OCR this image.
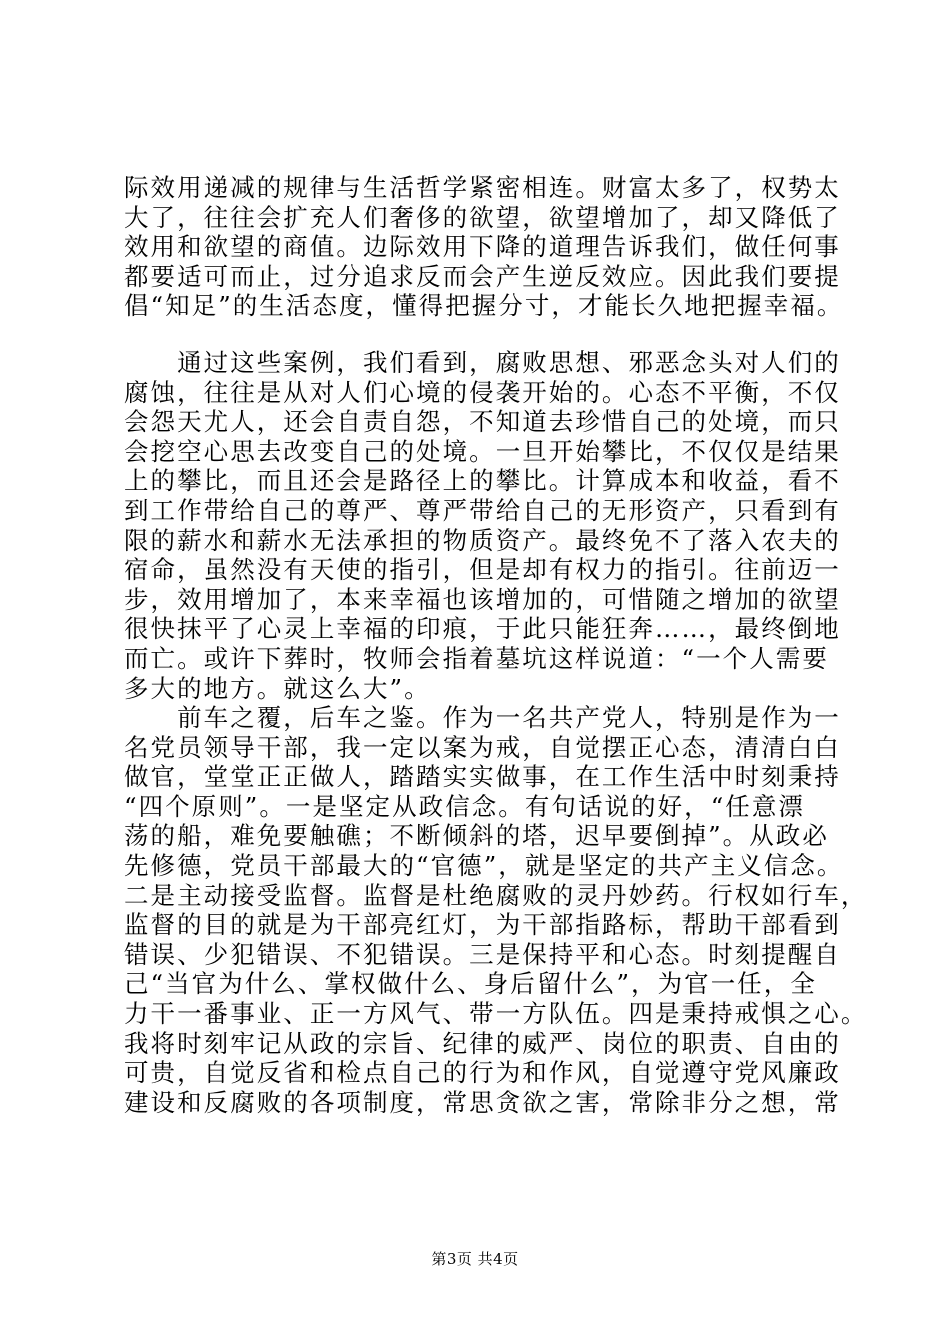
际效用递减的规律与生活哲学紧密相连。财富太多了，权势太
大了，往往会扩充人们奢侈的欲望，欲望增加了，却又降低了
效用和欲望的商值。边际效用下降的道理告诉我们，做任何事
都要适可而止，过分追求反而会产生逆反效应。因此我们要提
倡“知足”的生活态度，懂得把握分寸，才能长久地把握幸福。
　　通过这些案例，我们看到，腐败思想、邪恶念头对人们的
腐蚀，往往是从对人们心境的侵袭开始的。心态不平衡，不仅
会怨天尤人，还会自责自怨，不知道去珍惜自己的处境，而只
会挖空心思去改变自己的处境。一旦开始攀比，不仅仅是结果
上的攀比，而且还会是路径上的攀比。计算成本和收益，看不
到工作带给自己的尊严、尊严带给自己的无形资产，只看到有
限的薪水和薪水无法承担的物质资产。最终免不了落入农夫的
宿命，虽然没有天使的指引，但是却有权力的指引。往前迈一
步，效用增加了，本来幸福也该增加的，可惜随之增加的欲望
很快抹平了心灵上幸福的印痕，于此只能狂奔……，最终倒地
而亡。或许下葬时，牧师会指着墓坑这样说道：“一个人需要
多大的地方。就这么大”。
　　前车之覆，后车之鉴。作为一名共产党人，特别是作为一
名党员领导干部，我一定以案为戒，自觉摆正心态，清清白白
做官，堂堂正正做人，踏踏实实做事，在工作生活中时刻秉持
“四个原则”。一是坚定从政信念。有句话说的好，“任意漂
荡的船，难免要触礁；不断倾斜的塔，迟早要倒掉”。从政必
先修德，党员干部最大的“官德”，就是坚定的共产主义信念。
二是主动接受监督。监督是杜绝腐败的灵丹妙药。行权如行车，
监督的目的就是为干部亮红灯，为干部指路标，帮助干部看到
错误、少犯错误、不犯错误。三是保持平和心态。时刻提醒自
己“当官为什么、掌权做什么、身后留什么”，为官一任，全
力干一番事业、正一方风气、带一方队伍。四是秉持戒惧之心。
我将时刻牢记从政的宗旨、纪律的威严、岗位的职责、自由的
可贵，自觉反省和检点自己的行为和作风，自觉遵守党风廉政
建设和反腐败的各项制度，常思贪欲之害，常除非分之想，常
第3页 共4页
